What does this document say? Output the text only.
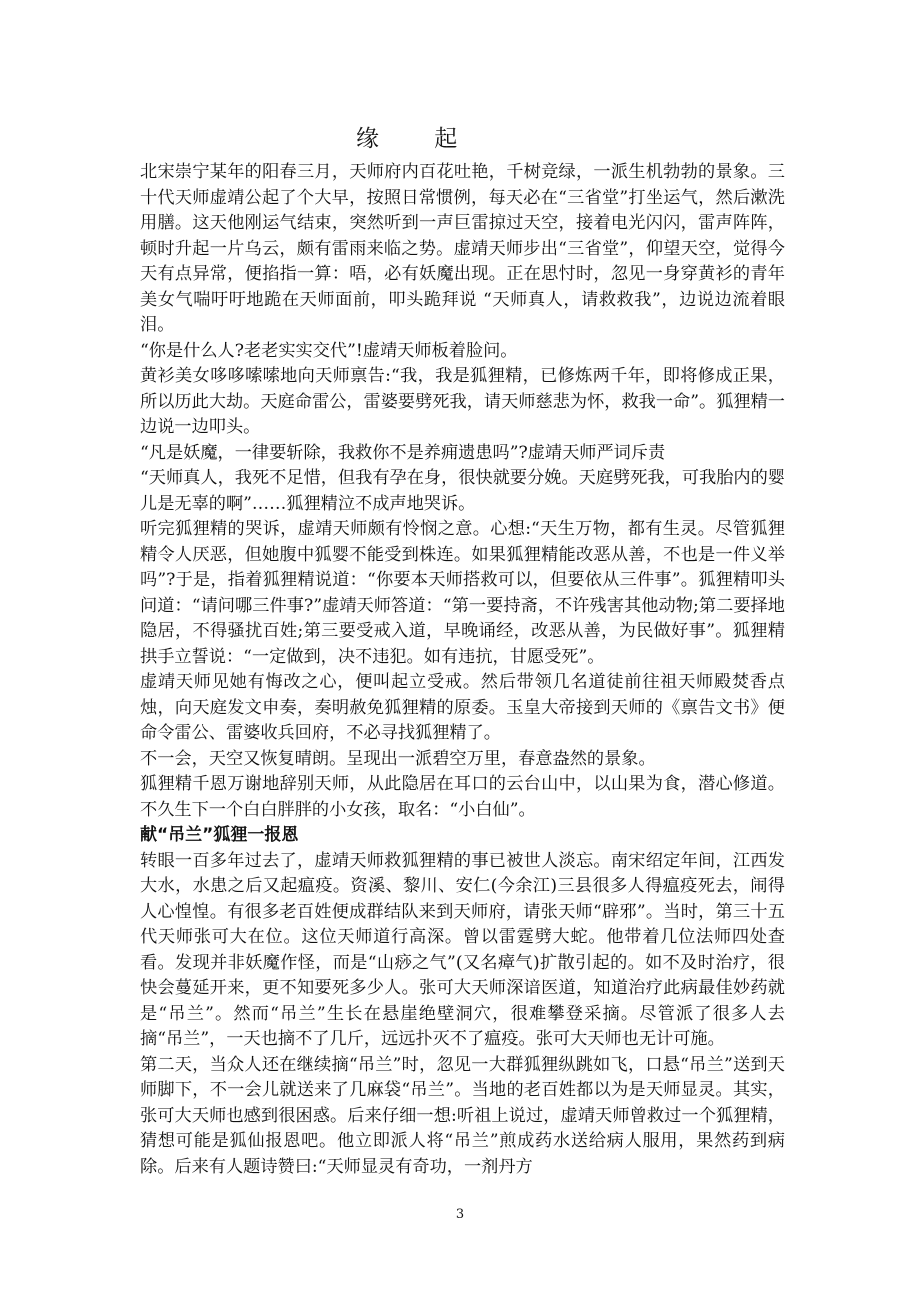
缘 起

北宋崇宁某年的阳春三月，天师府内百花吐艳，千树竞绿，一派生机勃勃的景象。三十代天师虚靖公起了个大早，按照日常惯例，每天必在“三省堂”打坐运气，然后漱洗用膳。这天他刚运气结束，突然听到一声巨雷掠过天空，接着电光闪闪，雷声阵阵，顿时升起一片乌云，颇有雷雨来临之势。虚靖天师步出“三省堂”，仰望天空，觉得今天有点异常，便掐指一算：唔，必有妖魔出现。正在思忖时，忽见一身穿黄衫的青年美女气喘吁吁地跪在天师面前，叩头跪拜说 “天师真人，请救救我”，边说边流着眼泪。

“你是什么人?老老实实交代”!虚靖天师板着脸问。

黄衫美女哆哆嗦嗦地向天师禀告:“我，我是狐狸精，已修炼两千年，即将修成正果，所以历此大劫。天庭命雷公，雷婆要劈死我，请天师慈悲为怀，救我一命”。狐狸精一边说一边叩头。

“凡是妖魔，一律要斩除，我救你不是养痈遗患吗”?虚靖天师严词斥责

“天师真人，我死不足惜，但我有孕在身，很快就要分娩。天庭劈死我，可我胎内的婴儿是无辜的啊”……狐狸精泣不成声地哭诉。

听完狐狸精的哭诉，虚靖天师颇有怜悯之意。心想:“天生万物，都有生灵。尽管狐狸精令人厌恶，但她腹中狐婴不能受到株连。如果狐狸精能改恶从善，不也是一件义举吗”?于是，指着狐狸精说道：“你要本天师搭救可以，但要依从三件事”。狐狸精叩头问道：“请问哪三件事?”虚靖天师答道：“第一要持斋，不许残害其他动物;第二要择地隐居，不得骚扰百姓;第三要受戒入道，早晚诵经，改恶从善，为民做好事”。狐狸精拱手立誓说：“一定做到，决不违犯。如有违抗，甘愿受死”。

虚靖天师见她有悔改之心，便叫起立受戒。然后带领几名道徒前往祖天师殿焚香点烛，向天庭发文申奏，奏明赦免狐狸精的原委。玉皇大帝接到天师的《禀告文书》便命令雷公、雷婆收兵回府，不必寻找狐狸精了。

不一会，天空又恢复晴朗。呈现出一派碧空万里，春意盎然的景象。

狐狸精千恩万谢地辞别天师，从此隐居在耳口的云台山中，以山果为食，潜心修道。不久生下一个白白胖胖的小女孩，取名：“小白仙”。

献“吊兰”狐狸一报恩

转眼一百多年过去了，虚靖天师救狐狸精的事已被世人淡忘。南宋绍定年间，江西发大水，水患之后又起瘟疫。资溪、黎川、安仁(今余江)三县很多人得瘟疫死去，闹得人心惶惶。有很多老百姓便成群结队来到天师府，请张天师“辟邪”。当时，第三十五代天师张可大在位。这位天师道行高深。曾以雷霆劈大蛇。他带着几位法师四处查看。发现并非妖魔作怪，而是“山痧之气”(又名瘴气)扩散引起的。如不及时治疗，很快会蔓延开来，更不知要死多少人。张可大天师深谙医道，知道治疗此病最佳妙药就是“吊兰”。然而“吊兰”生长在悬崖绝壁洞穴，很难攀登采摘。尽管派了很多人去摘“吊兰”，一天也摘不了几斤，远远扑灭不了瘟疫。张可大天师也无计可施。

第二天，当众人还在继续摘“吊兰”时，忽见一大群狐狸纵跳如飞，口悬“吊兰”送到天师脚下，不一会儿就送来了几麻袋“吊兰”。当地的老百姓都以为是天师显灵。其实，张可大天师也感到很困惑。后来仔细一想:听祖上说过，虚靖天师曾救过一个狐狸精，猜想可能是狐仙报恩吧。他立即派人将“吊兰”煎成药水送给病人服用，果然药到病除。后来有人题诗赞曰:“天师显灵有奇功，一剂丹方

3
